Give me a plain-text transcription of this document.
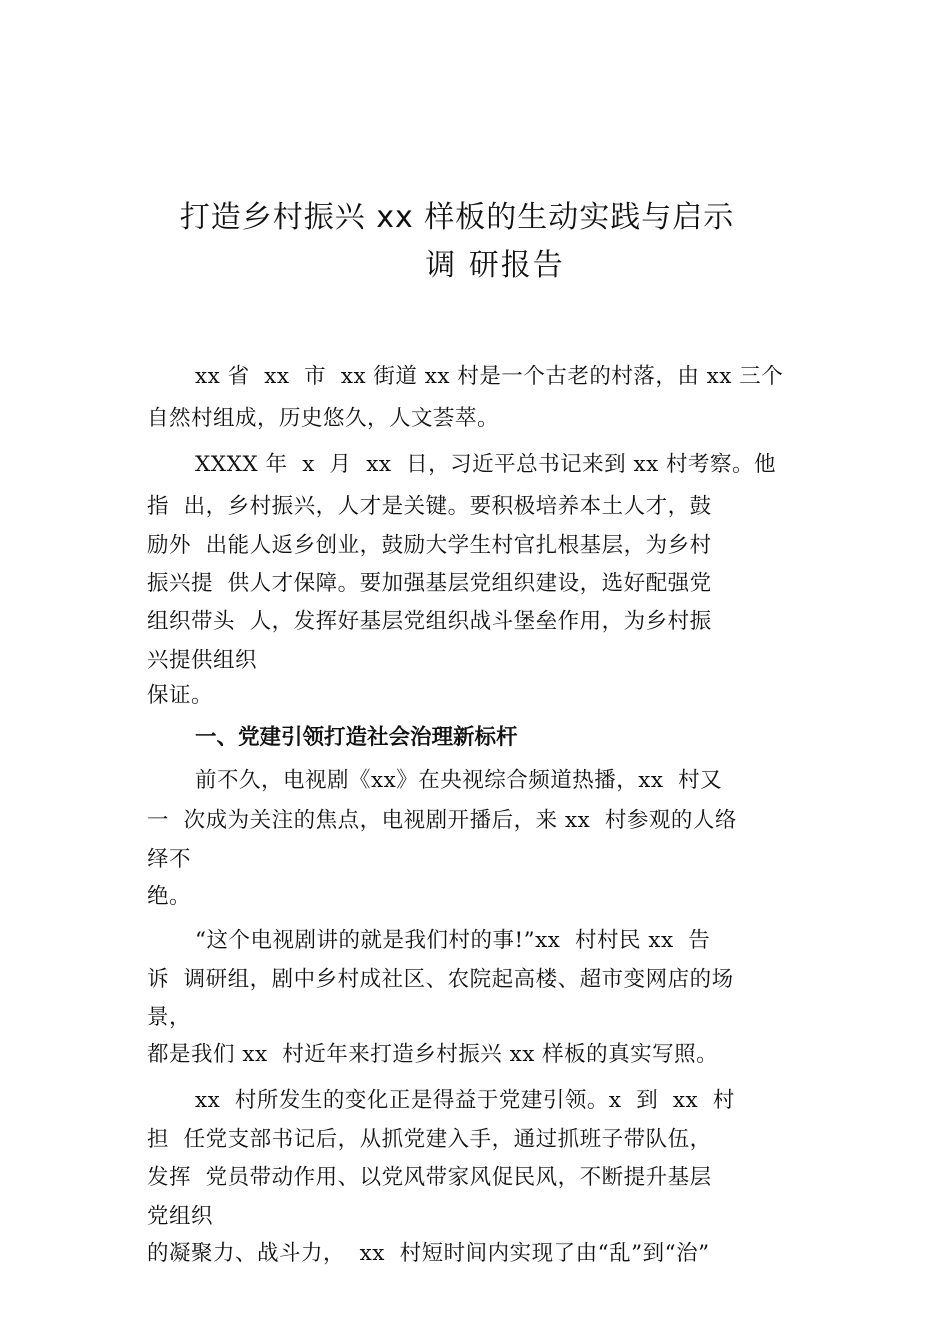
打造乡村振兴 xx 样板的生动实践与启示
调 研报告
xx 省  xx  市  xx 街道 xx 村是一个古老的村落，由 xx 三个
自然村组成，历史悠久，人文荟萃。
XXXX 年  x  月  xx  日，习近平总书记来到 xx 村考察。他
指  出，乡村振兴，人才是关键。要积极培养本土人才，鼓
励外  出能人返乡创业，鼓励大学生村官扎根基层，为乡村
振兴提  供人才保障。要加强基层党组织建设，选好配强党
组织带头  人，发挥好基层党组织战斗堡垒作用，为乡村振
兴提供组织
保证。
一、党建引领打造社会治理新标杆
前不久，电视剧《xx》在央视综合频道热播，xx  村又
一  次成为关注的焦点，电视剧开播后，来 xx  村参观的人络
绎不
绝。
“这个电视剧讲的就是我们村的事!”xx  村村民 xx  告
诉  调研组，剧中乡村成社区、农院起高楼、超市变网店的场
景，
都是我们 xx  村近年来打造乡村振兴 xx 样板的真实写照。
xx  村所发生的变化正是得益于党建引领。x  到  xx  村
担  任党支部书记后，从抓党建入手，通过抓班子带队伍，
发挥  党员带动作用、以党风带家风促民风，不断提升基层
党组织
的凝聚力、战斗力，  xx  村短时间内实现了由“乱”到“治”
